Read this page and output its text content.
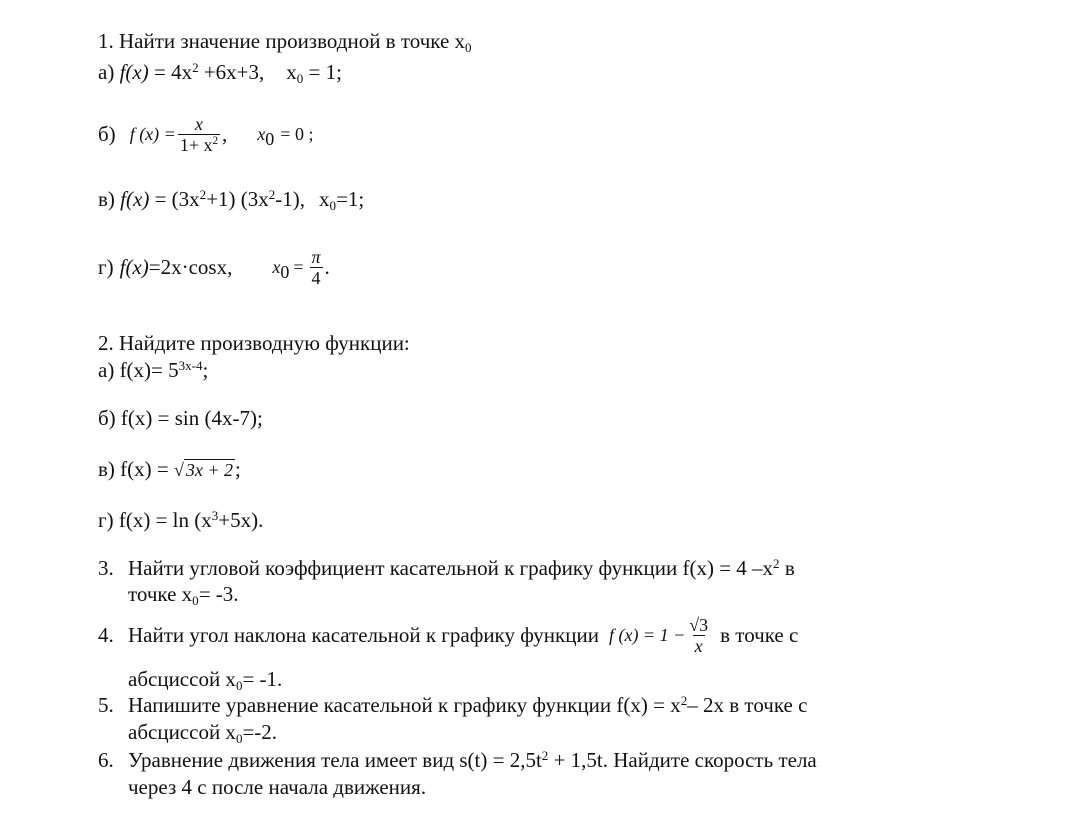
1. Найти значение производной в точке $x_0$
а) $f(x) = 4x^2 +6x+3$, $x_0 = 1$;
б) f $(x) = \frac{x}{1+ x^2}$ , $x_0 = 0$ ;
в) $f(x) = (3x^2+1)$ $(3x^2-1)$, $x_0=1$;
г) f(x) =2x·cosx, $x_0 = \frac{\pi}{4}$ .
2. Найдите производную функции:
а) $f(x)= 5^{3x-4}$;
б) f(x) = sin (4x-7);
в) f(x) = √ 3x + 2;
г) $f(x) = \ln (x^3+5x)$.
3. Найти угловой коэффициент касательной к графику функции f(x) = 4 $-x^2$ в
точке $x_0= -3$.
4. Найти угол наклона касательной к графику функции f $(x) = 1 - \frac{√3}{x}$ в точке с
абсциссой $x_0= -1$.
5. Напишите уравнение касательной к графику функции $f(x) = x^2-$ 2x в точке с
абсциссой $x_0=-2$.
6. Уравнение движения тела имеет вид $s(t) = 2,5t^2 + 1,5t$. Найдите скорость тела
через 4 с после начала движения.
